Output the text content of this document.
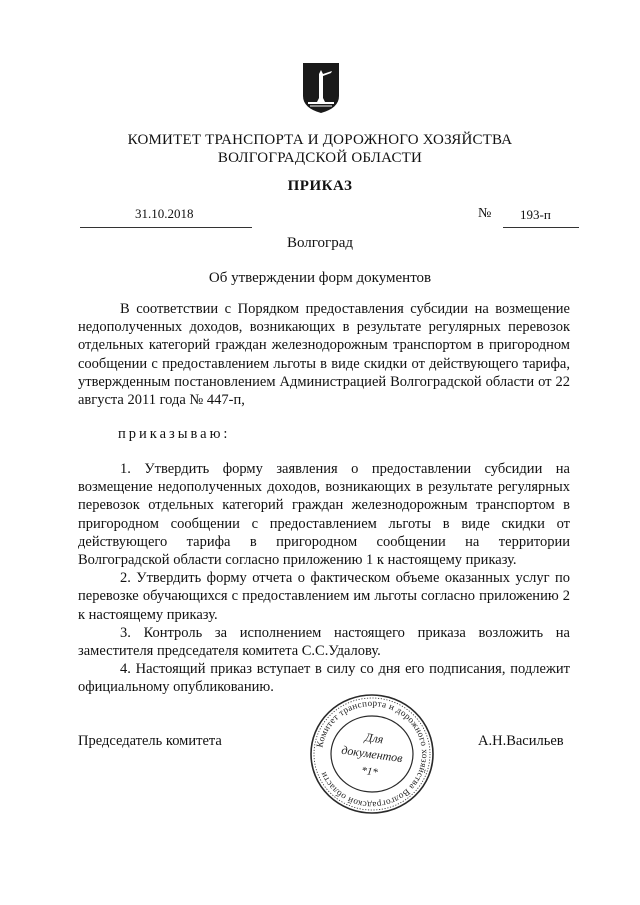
КОМИТЕТ ТРАНСПОРТА И ДОРОЖНОГО ХОЗЯЙСТВА
ВОЛГОГРАДСКОЙ ОБЛАСТИ
ПРИКАЗ
31.10.2018	№ 193-п
Волгоград
Об утверждении форм документов
В соответствии с Порядком предоставления субсидии на возмещение недополученных доходов, возникающих в результате регулярных перевозок отдельных категорий граждан железнодорожным транспортом в пригородном сообщении с предоставлением льготы в виде скидки от действующего тарифа, утвержденным постановлением Администрацией Волгоградской области от 22 августа 2011 года № 447-п,
приказываю:

1. Утвердить форму заявления о предоставлении субсидии на возмещение недополученных доходов, возникающих в результате регулярных перевозок отдельных категорий граждан железнодорожным транспортом в пригородном сообщении с предоставлением льготы в виде скидки от действующего тарифа в пригородном сообщении на территории Волгоградской области согласно приложению 1 к настоящему приказу.

2. Утвердить форму отчета о фактическом объеме оказанных услуг по перевозке обучающихся с предоставлением им льготы согласно приложению 2 к настоящему приказу.

3. Контроль за исполнением настоящего приказа возложить на заместителя председателя комитета С.С.Удалову.

4. Настоящий приказ вступает в силу со дня его подписания, подлежит официальному опубликованию.

Председатель комитета	А.Н.Васильев
Комитет транспорта и дорожного хозяйства Волгоградской области
Для
документов
*1*
